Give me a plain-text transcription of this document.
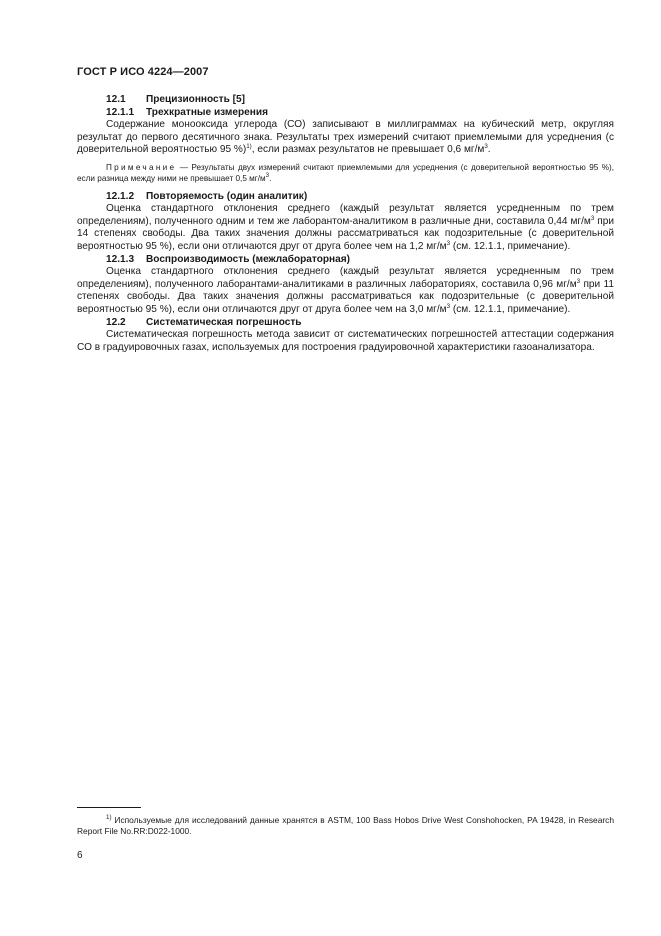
ГОСТ Р ИСО 4224—2007
12.1 Прецизионность [5]
12.1.1 Трехкратные измерения

Содержание монооксида углерода (СО) записывают в миллиграммах на кубический метр, округляя результат до первого десятичного знака. Результаты трех измерений считают приемлемыми для усреднения (с доверительной вероятностью 95 %)$^{1)}$, если размах результатов не превышает 0,6 $мг/м^3$.

Примечание — Результаты двух измерений считают приемлемыми для усреднения (с доверительной вероятностью 95 %), если разница между ними не превышает 0,5 $мг/м^3$.
12.1.2 Повторяемость (один аналитик)

Оценка стандартного отклонения среднего (каждый результат является усредненным по трем определениям), полученного одним и тем же лаборантом-аналитиком в различные дни, составила 0,44 $мг/м^3$ при 14 степенях свободы. Два таких значения должны рассматриваться как подозрительные (с доверительной вероятностью 95 %), если они отличаются друг от друга более чем на 1,2 $мг/м^3$ (см. 12.1.1, примечание).

12.1.3 Воспроизводимость (межлабораторная)

Оценка стандартного отклонения среднего (каждый результат является усредненным по трем определениям), полученного лаборантами-аналитиками в различных лабораториях, составила 0,96 $мг/м^3$ при 11 степенях свободы. Два таких значения должны рассматриваться как подозрительные (с доверительной вероятностью 95 %), если они отличаются друг от друга более чем на 3,0 $мг/м^3$ (см. 12.1.1, примечание).

12.2 Систематическая погрешность

Систематическая погрешность метода зависит от систематических погрешностей аттестации содержания СО в градуировочных газах, используемых для построения градуировочной характеристики газоанализатора.

$^{1)}$ Используемые для исследований данные хранятся в ASTM, 100 Bass Hobos Drive West Conshohocken, PA 19428, in Research Report File No.RR:D022-1000.

6
